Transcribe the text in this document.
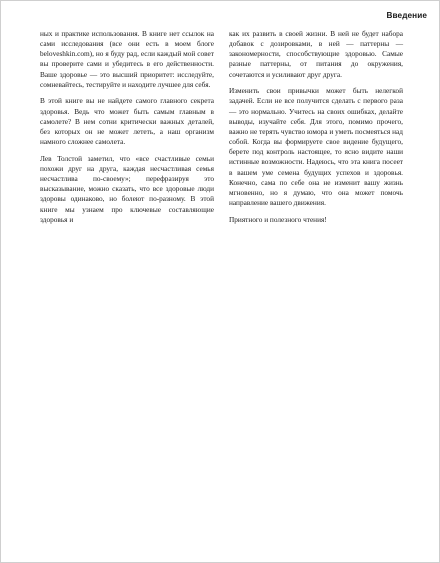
Введение

ных и практике использования. В книге нет ссылок на сами исследования (все они есть в моем блоге beloveshkin.com), но я буду рад, если каждый мой совет вы проверите сами и убедитесь в его действенности. Ваше здоровье — это высший приоритет: исследуйте, сомневайтесь, тестируйте и находите лучшее для себя.

В этой книге вы не найдете самого главного секрета здоровья. Ведь что может быть самым главным в самолете? В нем сотни критически важных деталей, без которых он не может лететь, а наш организм намного сложнее самолета.

Лев Толстой заметил, что «все счастливые семьи похожи друг на друга, каждая несчастливая семья несчастлива по-своему»; перефразируя это высказывание, можно сказать, что все здоровые люди здоровы одинаково, но болеют по-разному. В этой книге мы узнаем про ключевые составляющие здоровья и

как их развить в своей жизни. В ней не будет набора добавок с дозировками, в ней — паттерны — закономерности, способствующие здоровью. Самые разные паттерны, от питания до окружения, сочетаются и усиливают друг друга.

Изменить свои привычки может быть нелегкой задачей. Если не все получится сделать с первого раза — это нормально. Учитесь на своих ошибках, делайте выводы, изучайте себя. Для этого, помимо прочего, важно не терять чувство юмора и уметь посмеяться над собой. Когда вы формируете свое видение будущего, берете под контроль настоящее, то ясно видите наши истинные возможности. Надеюсь, что эта книга посеет в вашем уме семена будущих успехов и здоровья. Конечно, сама по себе она не изменит вашу жизнь мгновенно, но я думаю, что она может помочь направление вашего движения.

Приятного и полезного чтения!
